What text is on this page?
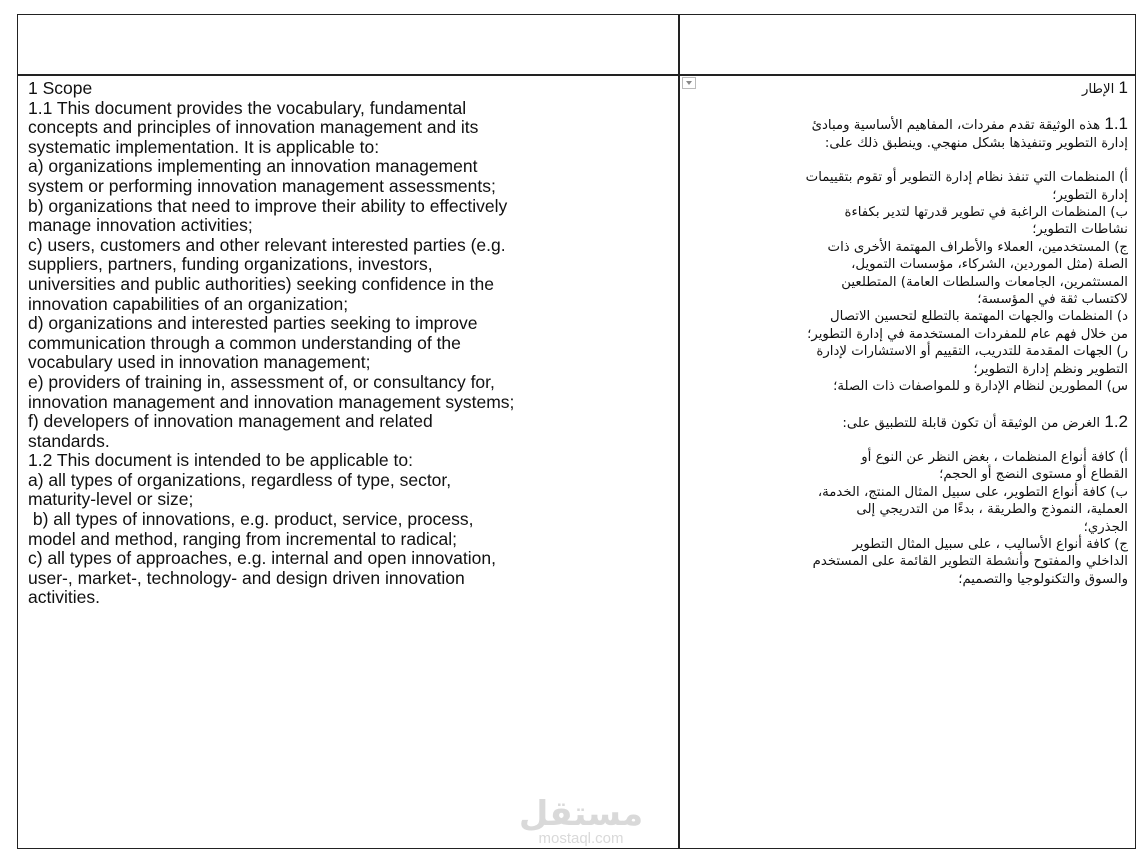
1 Scope
1.1 This document provides the vocabulary, fundamental
concepts and principles of innovation management and its
systematic implementation. It is applicable to:
a) organizations implementing an innovation management
system or performing innovation management assessments;
b) organizations that need to improve their ability to effectively
manage innovation activities;
c) users, customers and other relevant interested parties (e.g.
suppliers, partners, funding organizations, investors,
universities and public authorities) seeking confidence in the
innovation capabilities of an organization;
d) organizations and interested parties seeking to improve
communication through a common understanding of the
vocabulary used in innovation management;
e) providers of training in, assessment of, or consultancy for,
innovation management and innovation management systems;
f) developers of innovation management and related
standards.
1.2 This document is intended to be applicable to:
a) all types of organizations, regardless of type, sector,
maturity-level or size;
b) all types of innovations, e.g. product, service, process,
model and method, ranging from incremental to radical;
c) all types of approaches, e.g. internal and open innovation,
user-, market-, technology- and design driven innovation
activities.
1 الإطار
1.1 هذه الوثيقة تقدم مفردات، المفاهيم الأساسية ومبادئ
إدارة التطوير وتنفيذها بشكل منهجي. وينطبق ذلك على:
أ) المنظمات التي تنفذ نظام إدارة التطوير أو تقوم بتقييمات
إدارة التطوير؛
ب) المنظمات الراغبة في تطوير قدرتها لتدير بكفاءة
نشاطات التطوير؛
ج) المستخدمين، العملاء والأطراف المهتمة الأخرى ذات
الصلة (مثل الموردين، الشركاء، مؤسسات التمويل،
المستثمرين، الجامعات والسلطات العامة) المتطلعين
لاكتساب ثقة في المؤسسة؛
د) المنظمات والجهات المهتمة بالتطلع لتحسين الاتصال
من خلال فهم عام للمفردات المستخدمة في إدارة التطوير؛
ر) الجهات المقدمة للتدريب، التقييم أو الاستشارات لإدارة
التطوير ونظم إدارة التطوير؛
س) المطورين لنظام الإدارة و للمواصفات ذات الصلة؛
1.2 الغرض من الوثيقة أن تكون قابلة للتطبيق على:
أ) كافة أنواع المنظمات ، بغض النظر عن النوع أو
القطاع أو مستوى النضج أو الحجم؛
ب) كافة أنواع التطوير، على سبيل المثال المنتج، الخدمة،
العملية، النموذج والطريقة ، بدءًا من التدريجي إلى
الجذري؛
ج) كافة أنواع الأساليب ، على سبيل المثال التطوير
الداخلي والمفتوح وأنشطة التطوير القائمة على المستخدم
والسوق والتكنولوجيا والتصميم؛
مستقل
mostaql.com
